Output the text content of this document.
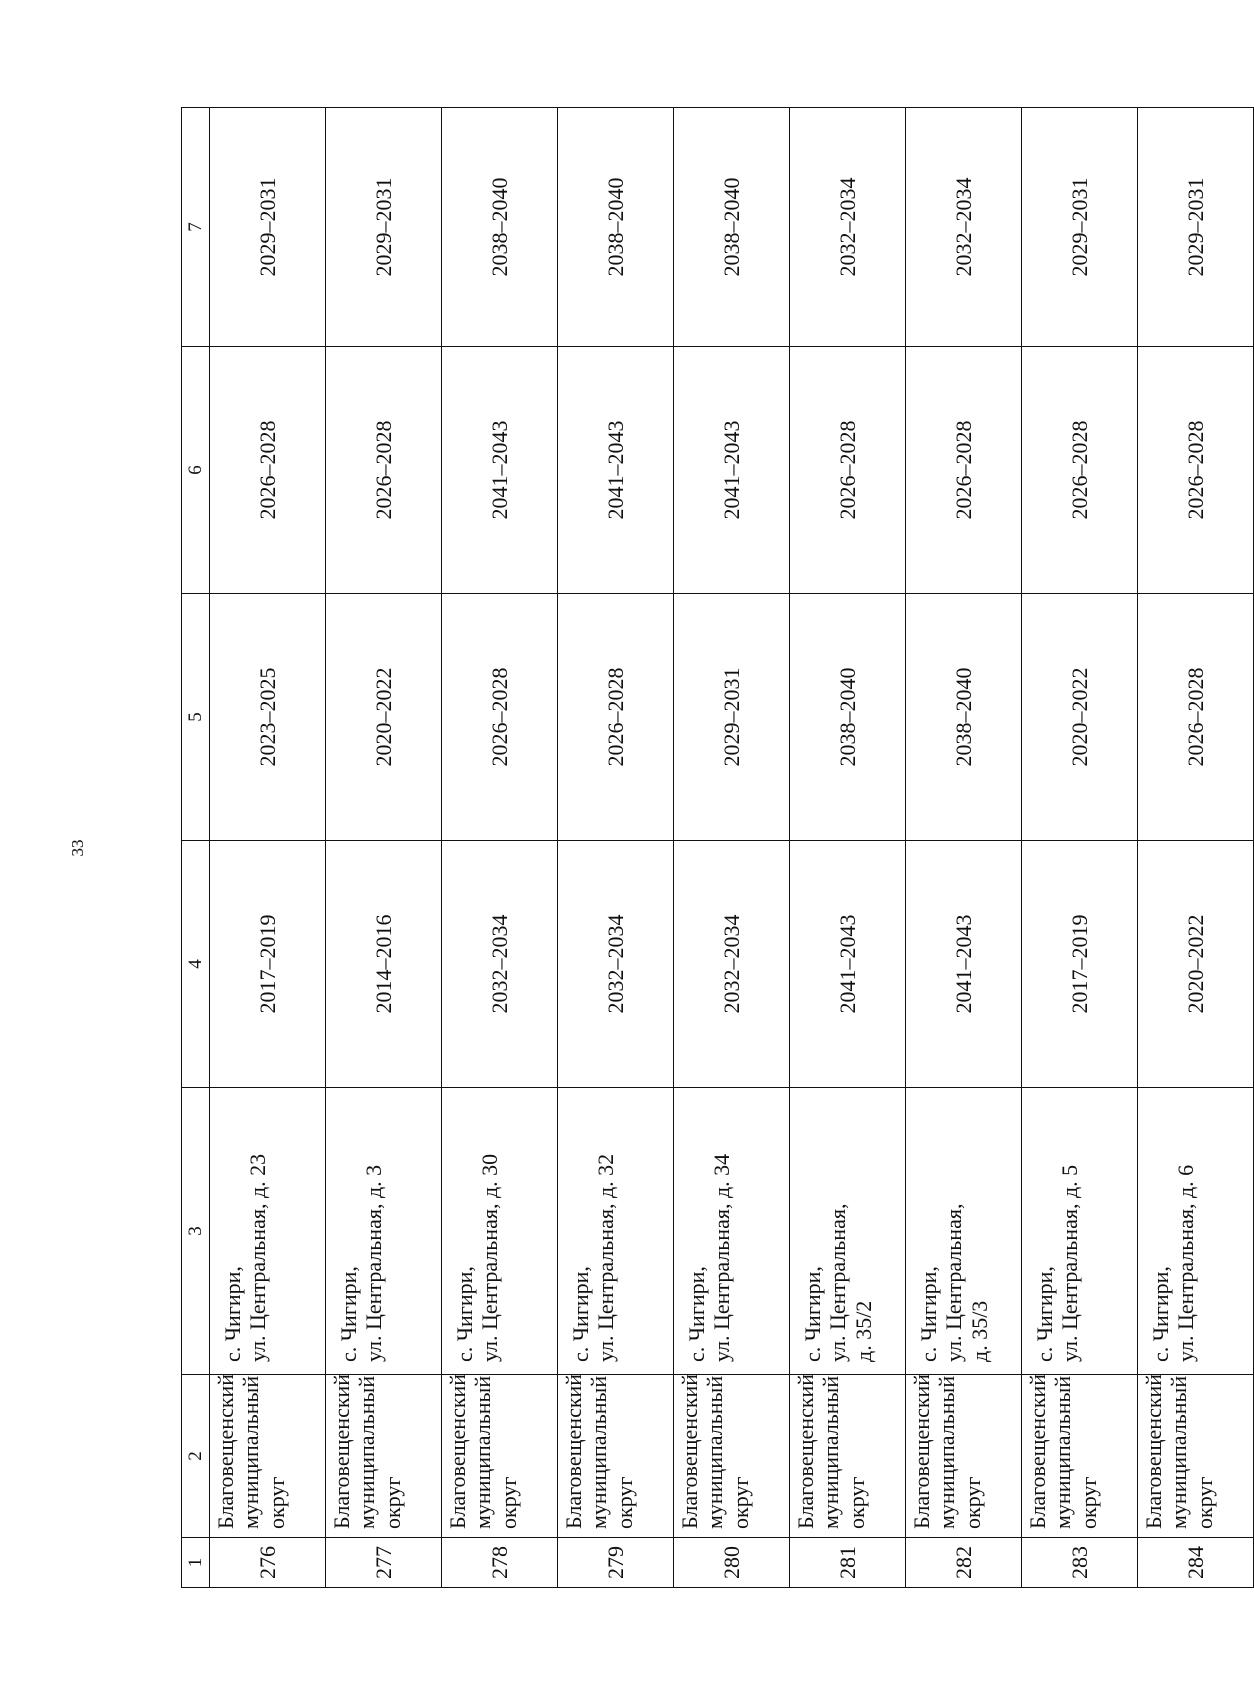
33
1	2	3	4	5	6	7
276	Благовещенский муниципальный округ	с. Чигири, ул. Центральная, д. 23	2017–2019	2023–2025	2026–2028	2029–2031
277	Благовещенский муниципальный округ	с. Чигири, ул. Центральная, д. 3	2014–2016	2020–2022	2026–2028	2029–2031
278	Благовещенский муниципальный округ	с. Чигири, ул. Центральная, д. 30	2032–2034	2026–2028	2041–2043	2038–2040
279	Благовещенский муниципальный округ	с. Чигири, ул. Центральная, д. 32	2032–2034	2026–2028	2041–2043	2038–2040
280	Благовещенский муниципальный округ	с. Чигири, ул. Центральная, д. 34	2032–2034	2029–2031	2041–2043	2038–2040
281	Благовещенский муниципальный округ	с. Чигири, ул. Центральная, д. 35/2	2041–2043	2038–2040	2026–2028	2032–2034
282	Благовещенский муниципальный округ	с. Чигири, ул. Центральная, д. 35/3	2041–2043	2038–2040	2026–2028	2032–2034
283	Благовещенский муниципальный округ	с. Чигири, ул. Центральная, д. 5	2017–2019	2020–2022	2026–2028	2029–2031
284	Благовещенский муниципальный округ	с. Чигири, ул. Центральная, д. 6	2020–2022	2026–2028	2026–2028	2029–2031
